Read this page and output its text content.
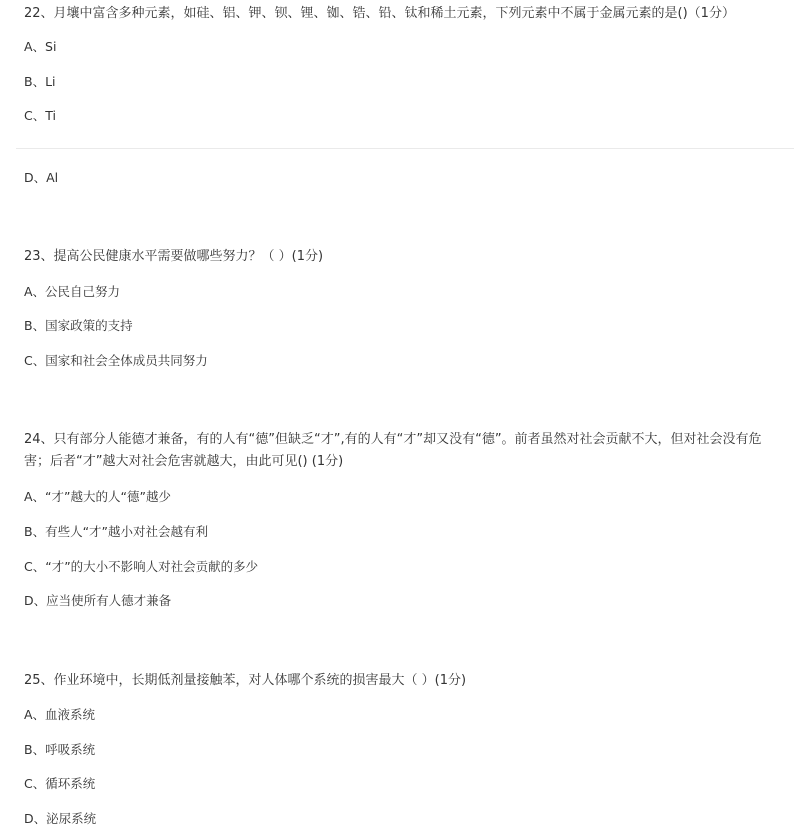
22、月壤中富含多种元素，如硅、铝、钾、钡、锂、铷、锆、铅、钛和稀土元素，下列元素中不属于金属元素的是()（1分）

A、Si
B、Li
C、Ti
D、Al

23、提高公民健康水平需要做哪些努力？（ ）(1分)

A、公民自己努力
B、国家政策的支持
C、国家和社会全体成员共同努力

24、只有部分人能德才兼备，有的人有“德”但缺乏“才”,有的人有“才”却又没有“德”。前者虽然对社会贡献不大，但对社会没有危害；后者“才”越大对社会危害就越大，由此可见() (1分)

A、“才”越大的人“德”越少
B、有些人“才”越小对社会越有利
C、“才”的大小不影响人对社会贡献的多少
D、应当使所有人德才兼备

25、作业环境中，长期低剂量接触苯，对人体哪个系统的损害最大（ ）(1分)

A、血液系统
B、呼吸系统
C、循环系统
D、泌尿系统
